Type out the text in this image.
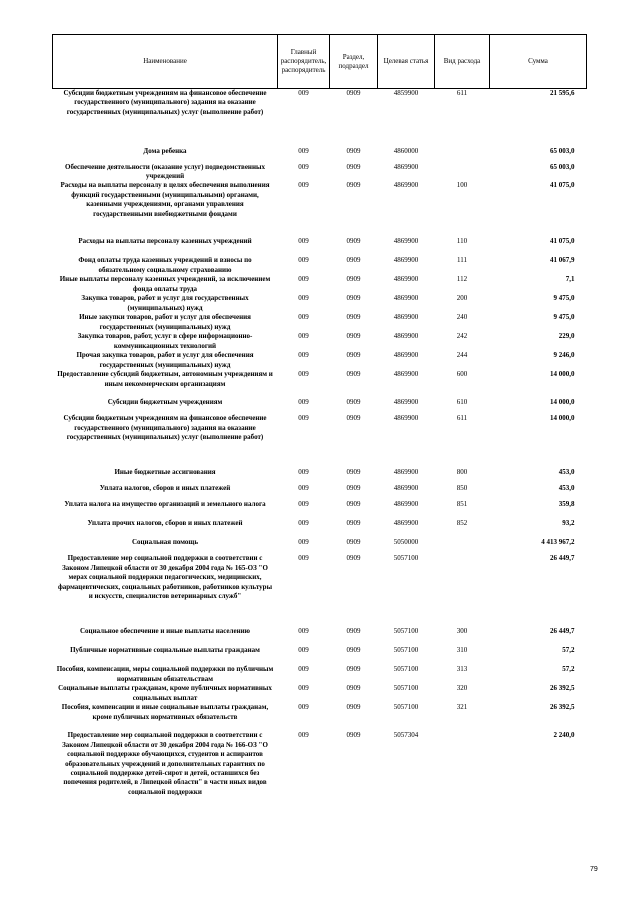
Наименование	Главный распорядитель, распорядитель	Раздел, подраздел	Целевая статья	Вид расхода	Сумма
Субсидии бюджетным учреждениям на финансовое обеспечение государственного (муниципального) задания на оказание государственных (муниципальных) услуг (выполнение работ)	009	0909	4859900	611	21 595,6
Дома ребенка	009	0909	4860000		65 003,0
Обеспечение деятельности (оказание услуг) подведомственных учреждений	009	0909	4869900		65 003,0
Расходы на выплаты персоналу в целях обеспечения выполнения функций государственными (муниципальными) органами, казенными учреждениями, органами управления государственными внебюджетными фондами	009	0909	4869900	100	41 075,0
Расходы на выплаты персоналу казенных учреждений	009	0909	4869900	110	41 075,0
Фонд оплаты труда казенных учреждений и взносы по обязательному социальному страхованию	009	0909	4869900	111	41 067,9
Иные выплаты персоналу казенных учреждений, за исключением фонда оплаты труда	009	0909	4869900	112	7,1
Закупка товаров, работ и услуг для государственных (муниципальных) нужд	009	0909	4869900	200	9 475,0
Иные закупки товаров, работ и услуг для обеспечения государственных (муниципальных) нужд	009	0909	4869900	240	9 475,0
Закупка товаров, работ, услуг в сфере информационно-коммуникационных технологий	009	0909	4869900	242	229,0
Прочая закупка товаров, работ и услуг для обеспечения государственных (муниципальных) нужд	009	0909	4869900	244	9 246,0
Предоставление субсидий бюджетным, автономным учреждениям и иным некоммерческим организациям	009	0909	4869900	600	14 000,0
Субсидии бюджетным учреждениям	009	0909	4869900	610	14 000,0
Субсидии бюджетным учреждениям на финансовое обеспечение государственного (муниципального) задания на оказание государственных (муниципальных) услуг (выполнение работ)	009	0909	4869900	611	14 000,0
Иные бюджетные ассигнования	009	0909	4869900	800	453,0
Уплата налогов, сборов и иных платежей	009	0909	4869900	850	453,0
Уплата налога на имущество организаций и земельного налога	009	0909	4869900	851	359,8
Уплата прочих налогов, сборов и иных платежей	009	0909	4869900	852	93,2
Социальная помощь	009	0909	5050000		4 413 967,2
Предоставление мер социальной поддержки в соответствии с Законом Липецкой области от 30 декабря 2004 года № 165-ОЗ "О мерах социальной поддержки педагогических, медицинских, фармацевтических, социальных работников, работников культуры и искусств, специалистов ветеринарных служб"	009	0909	5057100		26 449,7
Социальное обеспечение и иные выплаты населению	009	0909	5057100	300	26 449,7
Публичные нормативные социальные выплаты гражданам	009	0909	5057100	310	57,2
Пособия, компенсации, меры социальной поддержки по публичным нормативным обязательствам	009	0909	5057100	313	57,2
Социальные выплаты гражданам, кроме публичных нормативных социальных выплат	009	0909	5057100	320	26 392,5
Пособия, компенсации и иные социальные выплаты гражданам, кроме публичных нормативных обязательств	009	0909	5057100	321	26 392,5
Предоставление мер социальной поддержки в соответствии с Законом Липецкой области от 30 декабря 2004 года № 166-ОЗ "О социальной поддержке обучающихся, студентов и аспирантов образовательных учреждений и дополнительных гарантиях по социальной поддержке детей-сирот и детей, оставшихся без попечения родителей, в Липецкой области" в части иных видов социальной поддержки	009	0909	5057304		2 240,0
79
